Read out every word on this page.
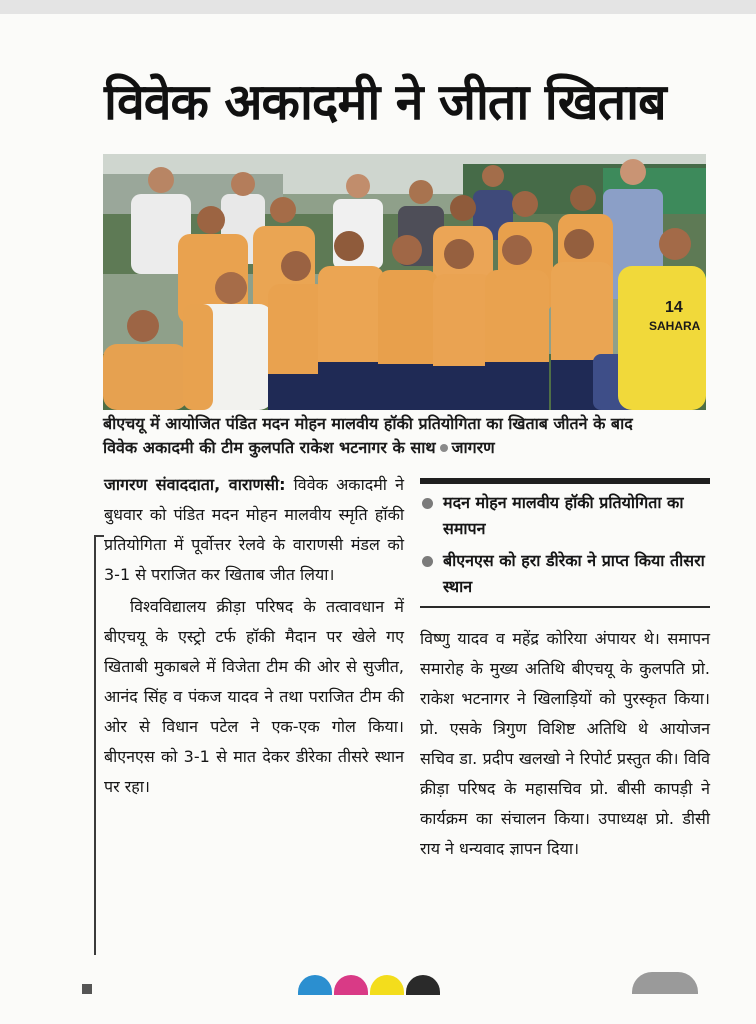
विवेक अकादमी ने जीता खिताब
14
SAHARA
बीएचयू में आयोजित पंडित मदन मोहन मालवीय हॉकी प्रतियोगिता का खिताब जीतने के बाद
विवेक अकादमी की टीम कुलपति राकेश भटनागर के साथ जागरण

जागरण संवाददाता, वाराणसी: विवेक अकादमी ने बुधवार को पंडित मदन मोहन मालवीय स्मृति हॉकी प्रतियोगिता में पूर्वोत्तर रेलवे के वाराणसी मंडल को 3-1 से पराजित कर खिताब जीत लिया।

विश्वविद्यालय क्रीड़ा परिषद के तत्वावधान में बीएचयू के एस्ट्रो टर्फ हॉकी मैदान पर खेले गए खिताबी मुकाबले में विजेता टीम की ओर से सुजीत, आनंद सिंह व पंकज यादव ने तथा पराजित टीम की ओर से विधान पटेल ने एक-एक गोल किया। बीएनएस को 3-1 से मात देकर डीरेका तीसरे स्थान पर रहा।

मदन मोहन मालवीय हॉकी प्रतियोगिता का समापन
बीएनएस को हरा डीरेका ने प्राप्त किया तीसरा स्थान

विष्णु यादव व महेंद्र कोरिया अंपायर थे। समापन समारोह के मुख्य अतिथि बीएचयू के कुलपति प्रो. राकेश भटनागर ने खिलाड़ियों को पुरस्कृत किया। प्रो. एसके त्रिगुण विशिष्ट अतिथि थे आयोजन सचिव डा. प्रदीप खलखो ने रिपोर्ट प्रस्तुत की। विवि क्रीड़ा परिषद के महासचिव प्रो. बीसी कापड़ी ने कार्यक्रम का संचालन किया। उपाध्यक्ष प्रो. डीसी राय ने धन्यवाद ज्ञापन दिया।
